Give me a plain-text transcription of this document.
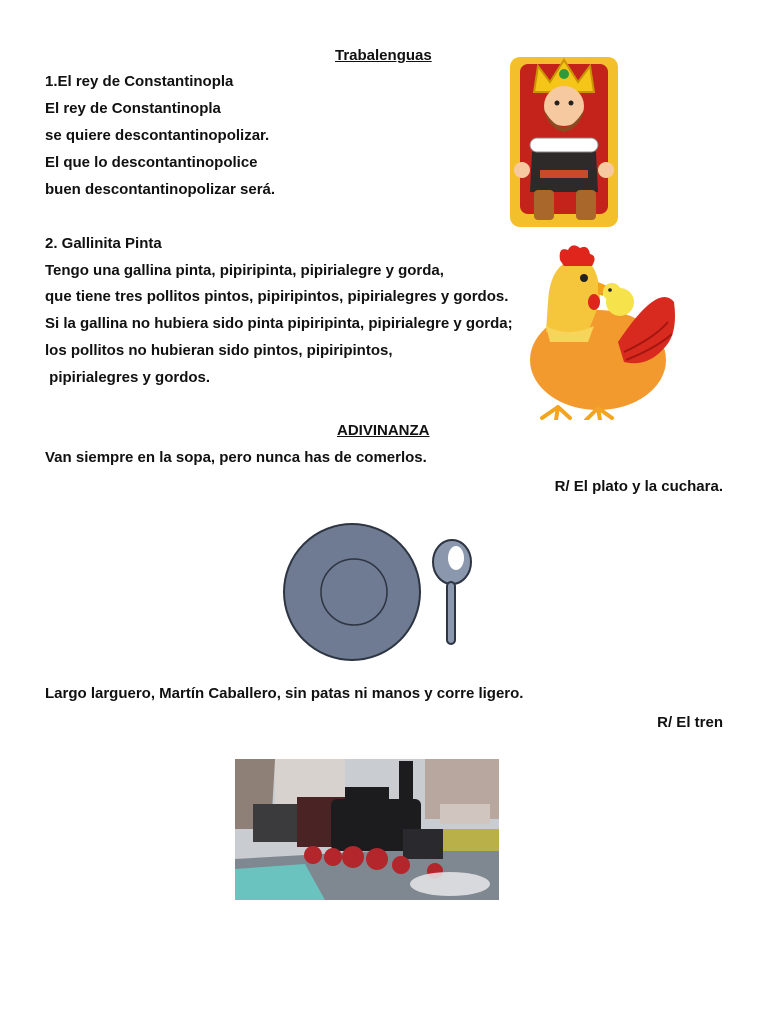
Trabalenguas
1.El rey de Constantinopla
El rey de Constantinopla
se quiere descontantinopolizar.
El que lo descontantinopolice
buen descontantinopolizar será.
2. Gallinita Pinta
Tengo una gallina pinta, pipiripinta, pipirialegre y gorda,
que tiene tres pollitos pintos, pipiripintos, pipirialegres y gordos.
Si la gallina no hubiera sido pinta pipiripinta, pipirialegre y gorda;
los pollitos no hubieran sido pintos, pipiripintos,
pipirialegres y gordos.
ADIVINANZA
Van siempre en la sopa, pero nunca has de comerlos.
R/ El plato y la cuchara.
Largo larguero, Martín Caballero, sin patas ni manos y corre ligero.
R/ El tren
